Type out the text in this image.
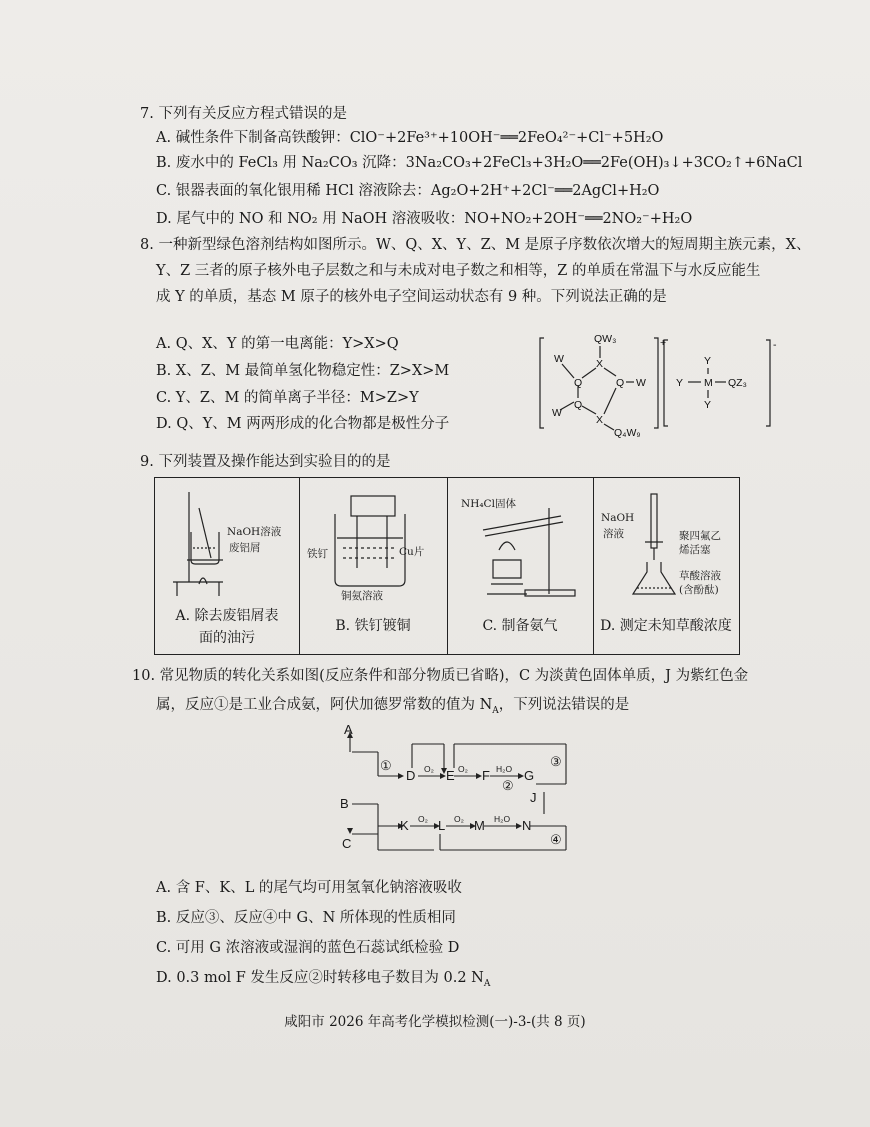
7. 下列有关反应方程式错误的是
A. 碱性条件下制备高铁酸钾：ClO⁻+2Fe³⁺+10OH⁻══2FeO₄²⁻+Cl⁻+5H₂O
B. 废水中的 FeCl₃ 用 Na₂CO₃ 沉降：3Na₂CO₃+2FeCl₃+3H₂O══2Fe(OH)₃↓+3CO₂↑+6NaCl
C. 银器表面的氧化银用稀 HCl 溶液除去：Ag₂O+2H⁺+2Cl⁻══2AgCl+H₂O
D. 尾气中的 NO 和 NO₂ 用 NaOH 溶液吸收：NO+NO₂+2OH⁻══2NO₂⁻+H₂O
8. 一种新型绿色溶剂结构如图所示。W、Q、X、Y、Z、M 是原子序数依次增大的短周期主族元素，X、
Y、Z 三者的原子核外电子层数之和与未成对电子数之和相等，Z 的单质在常温下与水反应能生
成 Y 的单质，基态 M 原子的核外电子空间运动状态有 9 种。下列说法正确的是
A. Q、X、Y 的第一电离能：Y>X>Q
B. X、Z、M 最简单氢化物稳定性：Z>X>M
C. Y、Z、M 的简单离子半径：M>Z>Y
D. Q、Y、M 两两形成的化合物都是极性分子
QW₃
W	X
Q	Q W
Q
W
X
Q₄W₉
+
Y
Y M QZ₃
Y
-
9. 下列装置及操作能达到实验目的的是
NaOH溶液
废铝屑
A. 除去废铝屑表
面的油污
铁钉	Cu片
铜氨溶液
B. 铁钉镀铜
NH₄Cl固体
C. 制备氨气
NaOH
溶液	聚四氟乙
烯活塞
草酸溶液
(含酚酞)
D. 测定未知草酸浓度
10. 常见物质的转化关系如图(反应条件和部分物质已省略)，C 为淡黄色固体单质，J 为紫红色金
属，反应①是工业合成氨，阿伏加德罗常数的值为 $N_A$，下列说法错误的是
A
B
C
D E F	G
J
K L M	N
①
②
③
④
O₂	O₂	H₂O
O₂	O₂	H₂O
A. 含 F、K、L 的尾气均可用氢氧化钠溶液吸收
B. 反应③、反应④中 G、N 所体现的性质相同
C. 可用 G 浓溶液或湿润的蓝色石蕊试纸检验 D
D. 0.3 mol F 发生反应②时转移电子数目为 0.2 $N_A$
咸阳市 2026 年高考化学模拟检测(一)-3-(共 8 页)
